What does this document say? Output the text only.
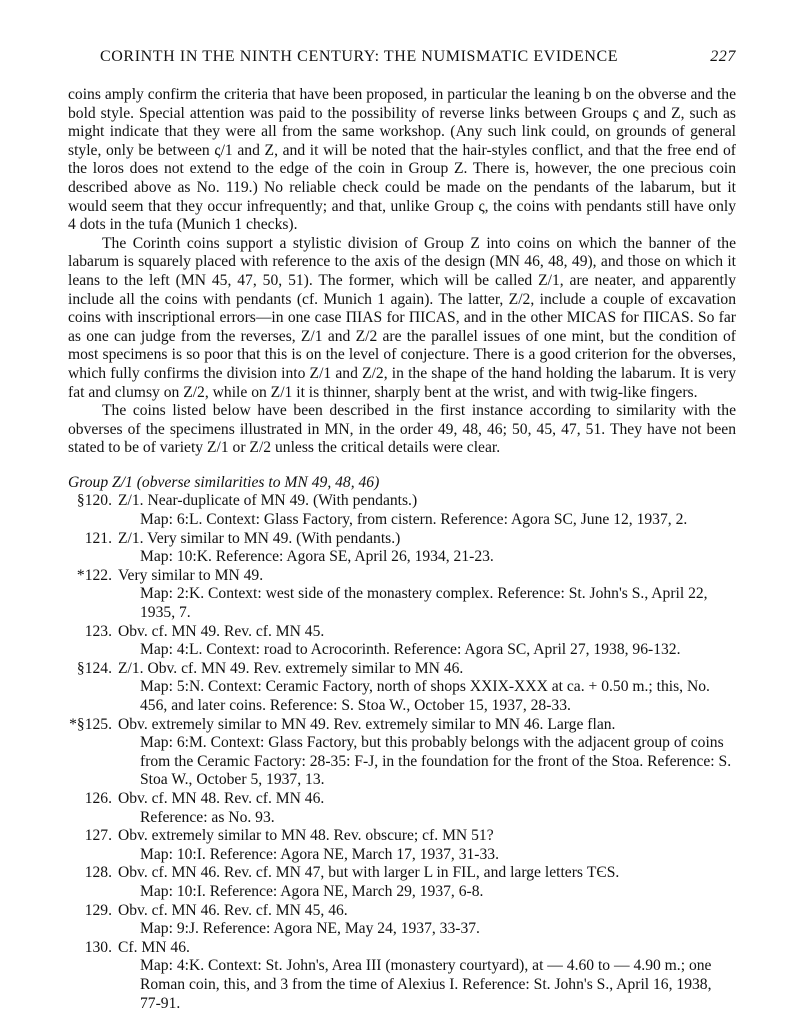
CORINTH IN THE NINTH CENTURY: THE NUMISMATIC EVIDENCE	227

coins amply confirm the criteria that have been proposed, in particular the leaning b on the obverse and the bold style. Special attention was paid to the possibility of reverse links between Groups ς and Z, such as might indicate that they were all from the same workshop. (Any such link could, on grounds of general style, only be between ς/1 and Z, and it will be noted that the hair-styles conflict, and that the free end of the loros does not extend to the edge of the coin in Group Z. There is, however, the one precious coin described above as No. 119.) No reliable check could be made on the pendants of the labarum, but it would seem that they occur infrequently; and that, unlike Group ς, the coins with pendants still have only 4 dots in the tufa (Munich 1 checks).

The Corinth coins support a stylistic division of Group Z into coins on which the banner of the labarum is squarely placed with reference to the axis of the design (MN 46, 48, 49), and those on which it leans to the left (MN 45, 47, 50, 51). The former, which will be called Z/1, are neater, and apparently include all the coins with pendants (cf. Munich 1 again). The latter, Z/2, include a couple of excavation coins with inscriptional errors—in one case ПIAS for ПICAS, and in the other MICAS for ПICAS. So far as one can judge from the reverses, Z/1 and Z/2 are the parallel issues of one mint, but the condition of most specimens is so poor that this is on the level of conjecture. There is a good criterion for the obverses, which fully confirms the division into Z/1 and Z/2, in the shape of the hand holding the labarum. It is very fat and clumsy on Z/2, while on Z/1 it is thinner, sharply bent at the wrist, and with twig-like fingers.

The coins listed below have been described in the first instance according to similarity with the obverses of the specimens illustrated in MN, in the order 49, 48, 46; 50, 45, 47, 51. They have not been stated to be of variety Z/1 or Z/2 unless the critical details were clear.

Group Z/1 (obverse similarities to MN 49, 48, 46)
§120. Z/1. Near-duplicate of MN 49. (With pendants.)
Map: 6:L. Context: Glass Factory, from cistern. Reference: Agora SC, June 12, 1937, 2.
121. Z/1. Very similar to MN 49. (With pendants.)
Map: 10:K. Reference: Agora SE, April 26, 1934, 21-23.
*122. Very similar to MN 49.
Map: 2:K. Context: west side of the monastery complex. Reference: St. John's S., April 22, 1935, 7.
123. Obv. cf. MN 49. Rev. cf. MN 45.
Map: 4:L. Context: road to Acrocorinth. Reference: Agora SC, April 27, 1938, 96-132.
§124. Z/1. Obv. cf. MN 49. Rev. extremely similar to MN 46.
Map: 5:N. Context: Ceramic Factory, north of shops XXIX-XXX at ca. + 0.50 m.; this, No. 456, and later coins. Reference: S. Stoa W., October 15, 1937, 28-33.
*§125. Obv. extremely similar to MN 49. Rev. extremely similar to MN 46. Large flan.
Map: 6:M. Context: Glass Factory, but this probably belongs with the adjacent group of coins from the Ceramic Factory: 28-35: F-J, in the foundation for the front of the Stoa. Reference: S. Stoa W., October 5, 1937, 13.
126. Obv. cf. MN 48. Rev. cf. MN 46.
Reference: as No. 93.
127. Obv. extremely similar to MN 48. Rev. obscure; cf. MN 51?
Map: 10:I. Reference: Agora NE, March 17, 1937, 31-33.
128. Obv. cf. MN 46. Rev. cf. MN 47, but with larger L in FIL, and large letters ΤЄS.
Map: 10:I. Reference: Agora NE, March 29, 1937, 6-8.
129. Obv. cf. MN 46. Rev. cf. MN 45, 46.
Map: 9:J. Reference: Agora NE, May 24, 1937, 33-37.
130. Cf. MN 46.
Map: 4:K. Context: St. John's, Area III (monastery courtyard), at — 4.60 to — 4.90 m.; one Roman coin, this, and 3 from the time of Alexius I. Reference: St. John's S., April 16, 1938, 77-91.
